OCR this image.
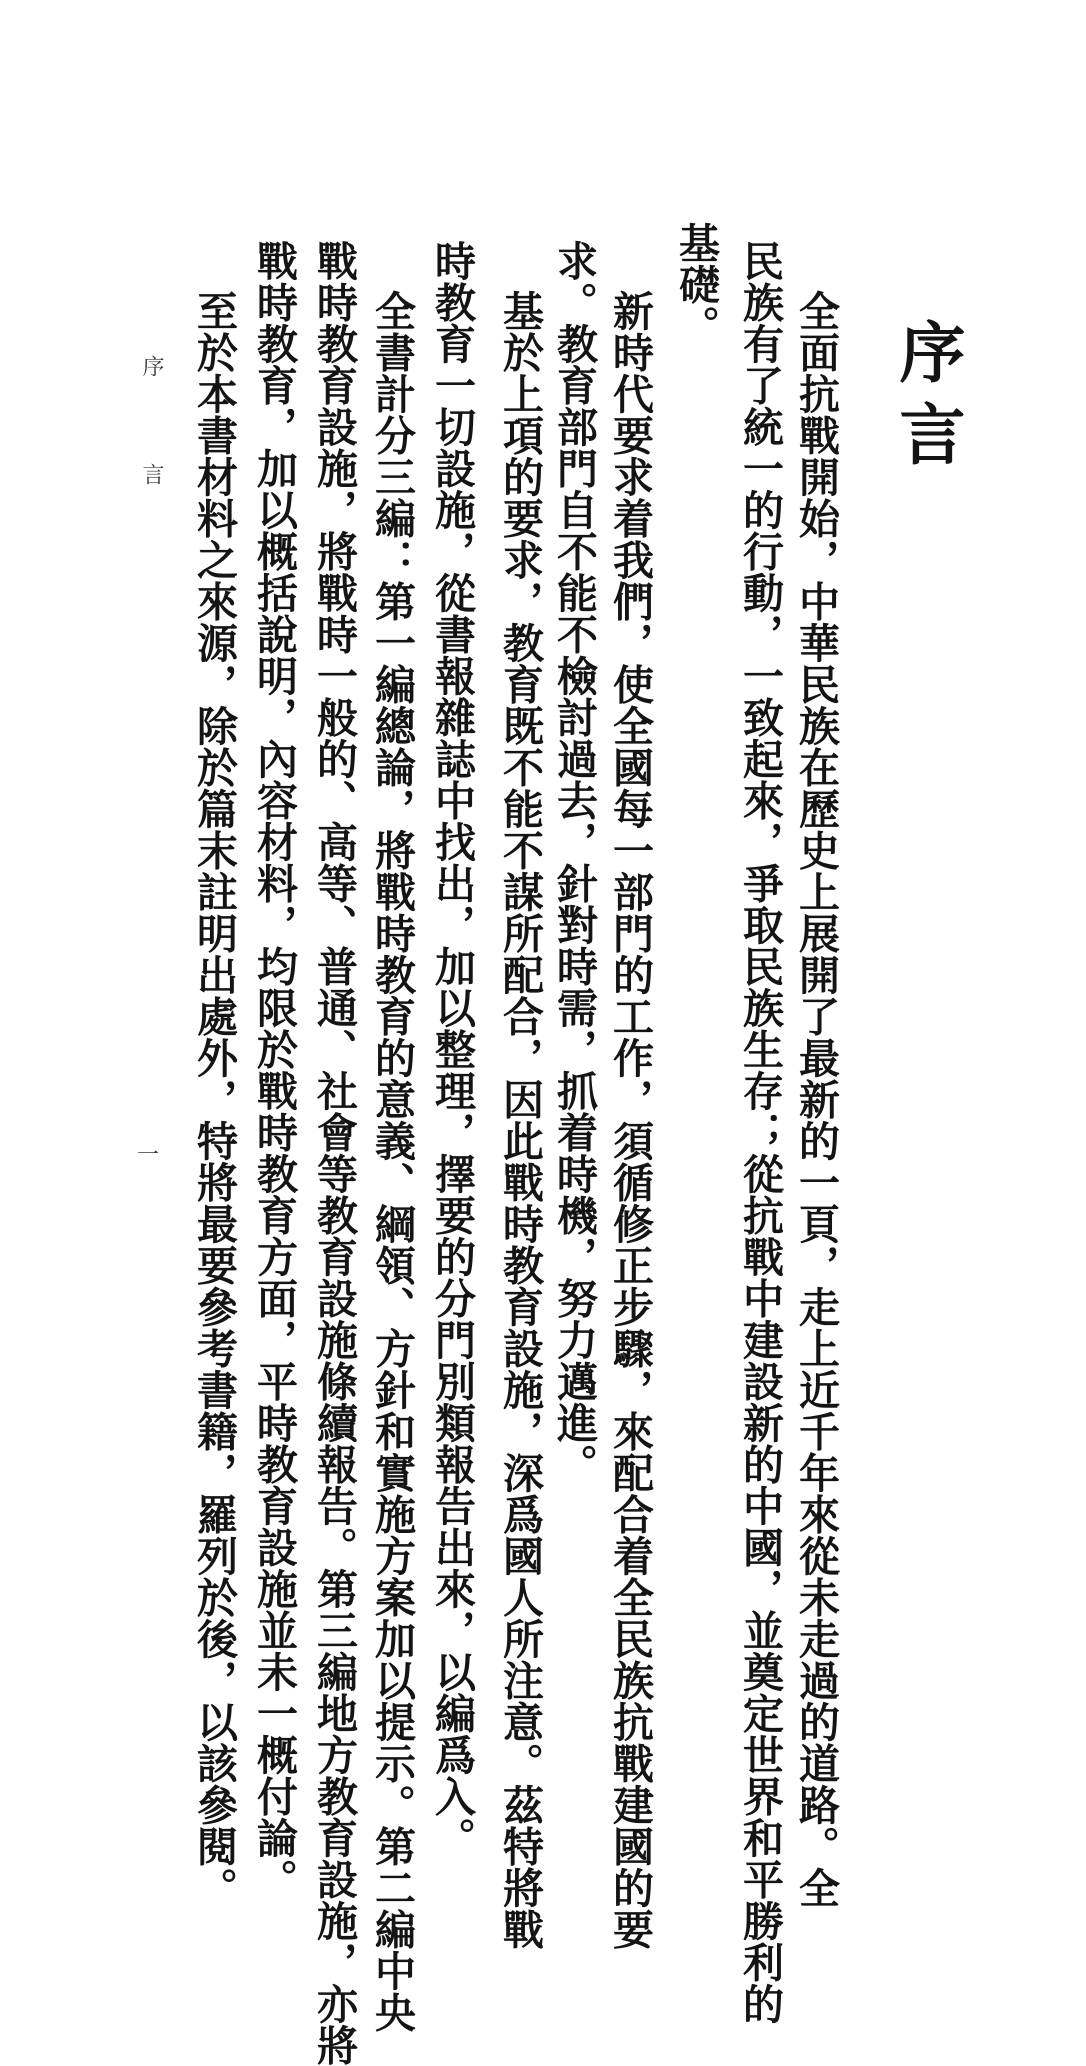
序言
全面抗戰開始，中華民族在歷史上展開了最新的一頁，走上近千年來從未走過的道路。全
民族有了統一的行動，一致起來，爭取民族生存；從抗戰中建設新的中國，並奠定世界和平勝利的
基礎。
新時代要求着我們，使全國每一部門的工作，須循修正步驟，來配合着全民族抗戰建國的要
求。教育部門自不能不檢討過去，針對時需，抓着時機，努力邁進。
基於上項的要求，教育既不能不謀所配合，因此戰時教育設施，深爲國人所注意。茲特將戰
時教育一切設施，從書報雜誌中找出，加以整理，擇要的分門別類報告出來，以編爲入。
全書計分三編：第一編總論，將戰時教育的意義、綱領、方針和實施方案加以提示。第二編中央
戰時教育設施，將戰時一般的、高等、普通、社會等教育設施條續報告。第三編地方教育設施，亦將
戰時教育，加以概括說明，內容材料，均限於戰時教育方面，平時教育設施並未一概付論。
至於本書材料之來源，除於篇末註明出處外，特將最要參考書籍，羅列於後，以該參閱。
序言
一
